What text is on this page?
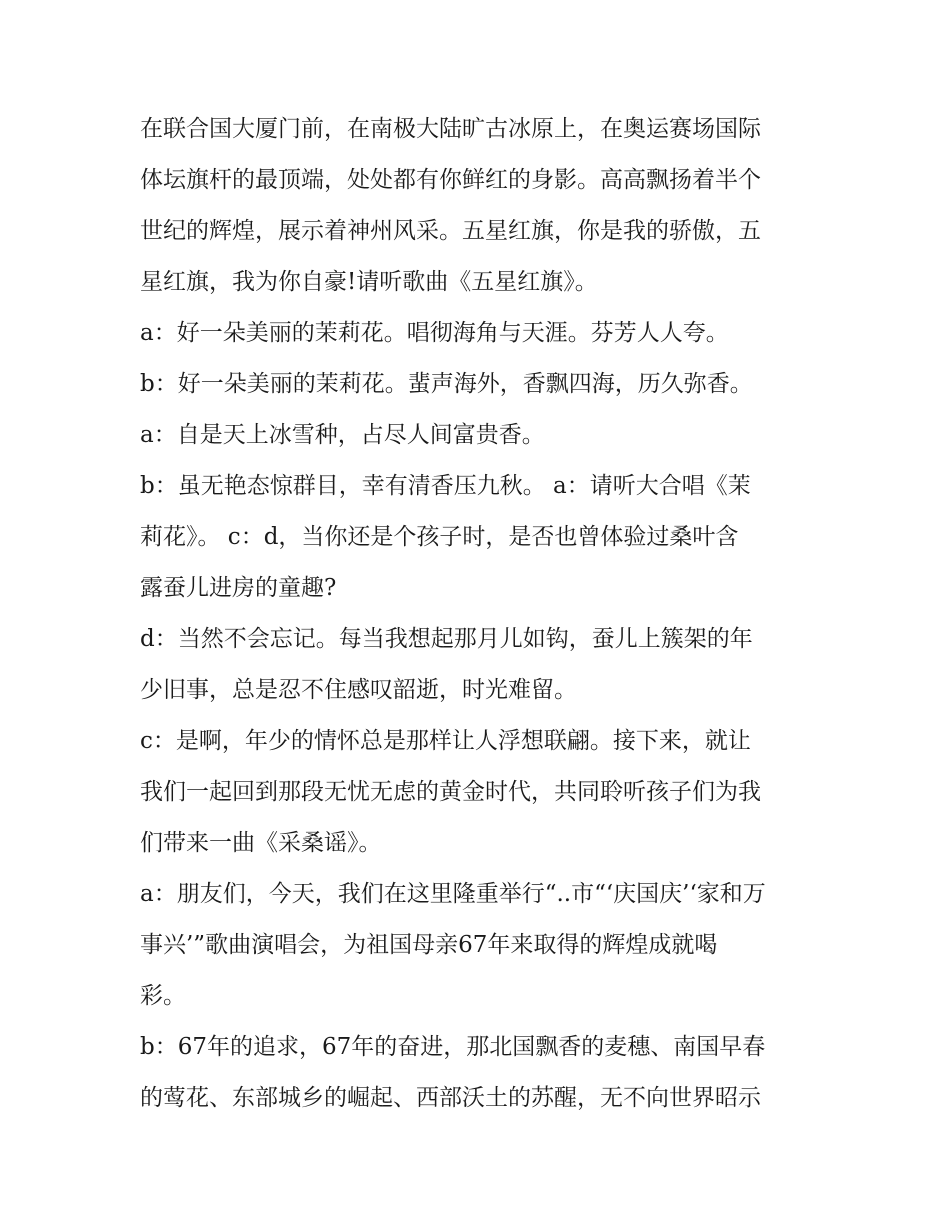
在联合国大厦门前，在南极大陆旷古冰原上，在奥运赛场国际
体坛旗杆的最顶端，处处都有你鲜红的身影。高高飘扬着半个
世纪的辉煌，展示着神州风采。五星红旗，你是我的骄傲，五
星红旗，我为你自豪!请听歌曲《五星红旗》。

a：好一朵美丽的茉莉花。唱彻海角与天涯。芬芳人人夸。

b：好一朵美丽的茉莉花。蜚声海外，香飘四海，历久弥香。

a：自是天上冰雪种，占尽人间富贵香。

b：虽无艳态惊群目，幸有清香压九秋。 a：请听大合唱《茉
莉花》。 c：d，当你还是个孩子时，是否也曾体验过桑叶含
露蚕儿进房的童趣?

d：当然不会忘记。每当我想起那月儿如钩，蚕儿上簇架的年
少旧事，总是忍不住感叹韶逝，时光难留。

c：是啊，年少的情怀总是那样让人浮想联翩。接下来，就让
我们一起回到那段无忧无虑的黄金时代，共同聆听孩子们为我
们带来一曲《采桑谣》。

a：朋友们，今天，我们在这里隆重举行“..市“‘庆国庆’‘家和万
事兴’”歌曲演唱会，为祖国母亲67年来取得的辉煌成就喝
彩。

b：67年的追求，67年的奋进，那北国飘香的麦穗、南国早春
的莺花、东部城乡的崛起、西部沃土的苏醒，无不向世界昭示
